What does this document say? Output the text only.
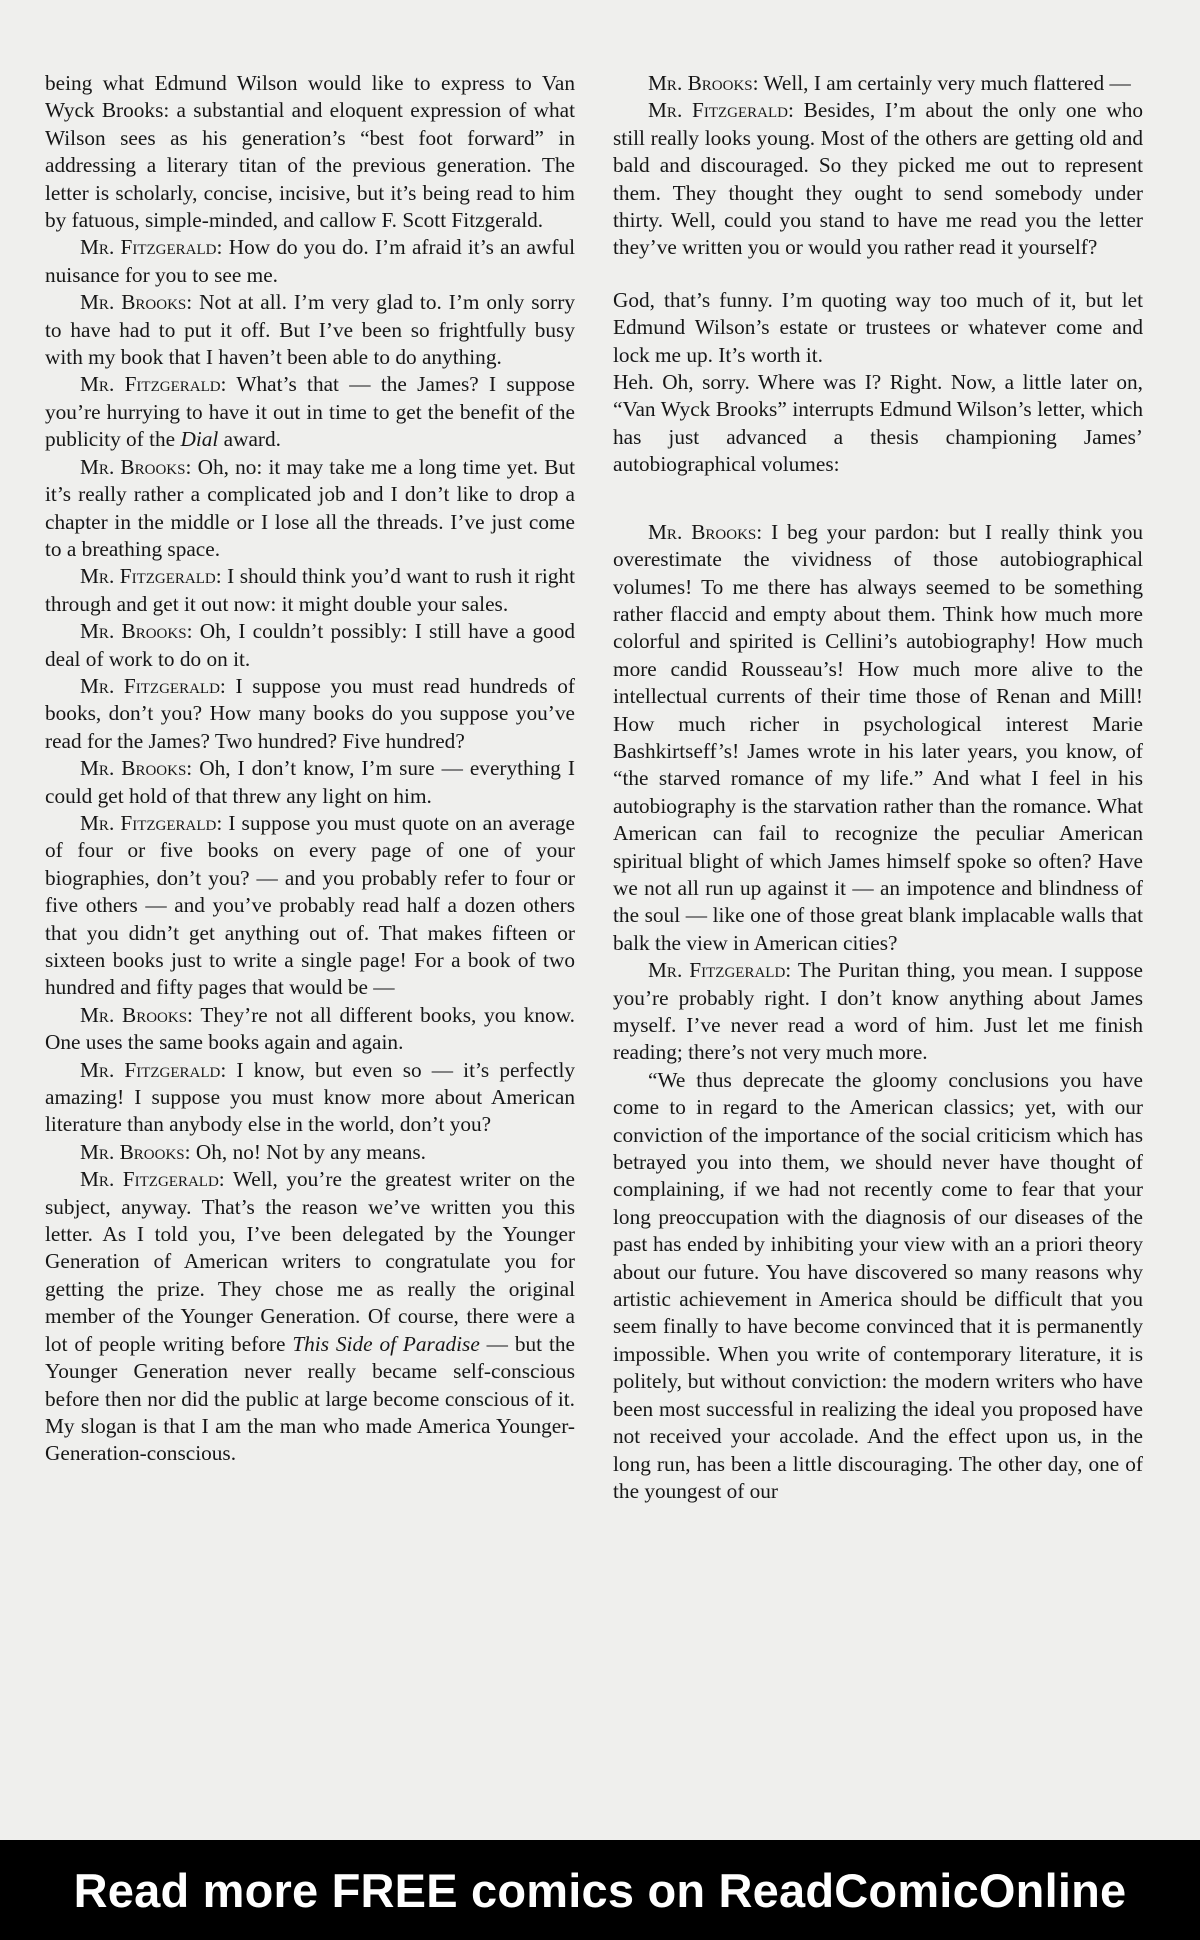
being what Edmund Wilson would like to express to Van Wyck Brooks: a substantial and eloquent expression of what Wilson sees as his generation’s “best foot forward” in addressing a literary titan of the previous generation. The letter is scholarly, concise, incisive, but it’s being read to him by fatuous, simple-minded, and callow F. Scott Fitzgerald.

Mr. Fitzgerald: How do you do. I’m afraid it’s an awful nuisance for you to see me.

Mr. Brooks: Not at all. I’m very glad to. I’m only sorry to have had to put it off. But I’ve been so frightfully busy with my book that I haven’t been able to do anything.

Mr. Fitzgerald: What’s that — the James? I suppose you’re hurrying to have it out in time to get the benefit of the publicity of the Dial award.

Mr. Brooks: Oh, no: it may take me a long time yet. But it’s really rather a complicated job and I don’t like to drop a chapter in the middle or I lose all the threads. I’ve just come to a breathing space.

Mr. Fitzgerald: I should think you’d want to rush it right through and get it out now: it might double your sales.

Mr. Brooks: Oh, I couldn’t possibly: I still have a good deal of work to do on it.

Mr. Fitzgerald: I suppose you must read hundreds of books, don’t you? How many books do you suppose you’ve read for the James? Two hundred? Five hundred?

Mr. Brooks: Oh, I don’t know, I’m sure — everything I could get hold of that threw any light on him.

Mr. Fitzgerald: I suppose you must quote on an average of four or five books on every page of one of your biographies, don’t you? — and you probably refer to four or five others — and you’ve probably read half a dozen others that you didn’t get anything out of. That makes fifteen or sixteen books just to write a single page! For a book of two hundred and fifty pages that would be —

Mr. Brooks: They’re not all different books, you know. One uses the same books again and again.

Mr. Fitzgerald: I know, but even so — it’s perfectly amazing! I suppose you must know more about American literature than anybody else in the world, don’t you?

Mr. Brooks: Oh, no! Not by any means.

Mr. Fitzgerald: Well, you’re the greatest writer on the subject, anyway. That’s the reason we’ve written you this letter. As I told you, I’ve been delegated by the Younger Generation of American writers to congratulate you for getting the prize. They chose me as really the original member of the Younger Generation. Of course, there were a lot of people writing before This Side of Paradise — but the Younger Generation never really became self-conscious before then nor did the public at large become conscious of it. My slogan is that I am the man who made America Younger-Generation-conscious.

Mr. Brooks: Well, I am certainly very much flattered —

Mr. Fitzgerald: Besides, I’m about the only one who still really looks young. Most of the others are getting old and bald and discouraged. So they picked me out to represent them. They thought they ought to send somebody under thirty. Well, could you stand to have me read you the letter they’ve written you or would you rather read it yourself?

God, that’s funny. I’m quoting way too much of it, but let Edmund Wilson’s estate or trustees or whatever come and lock me up. It’s worth it.

Heh. Oh, sorry. Where was I? Right. Now, a little later on, “Van Wyck Brooks” interrupts Edmund Wilson’s letter, which has just advanced a thesis championing James’ autobiographical volumes:

Mr. Brooks: I beg your pardon: but I really think you overestimate the vividness of those autobiographical volumes! To me there has always seemed to be something rather flaccid and empty about them. Think how much more colorful and spirited is Cellini’s autobiography! How much more candid Rousseau’s! How much more alive to the intellectual currents of their time those of Renan and Mill! How much richer in psychological interest Marie Bashkirtseff’s! James wrote in his later years, you know, of “the starved romance of my life.” And what I feel in his autobiography is the starvation rather than the romance. What American can fail to recognize the peculiar American spiritual blight of which James himself spoke so often? Have we not all run up against it — an impotence and blindness of the soul — like one of those great blank implacable walls that balk the view in American cities?

Mr. Fitzgerald: The Puritan thing, you mean. I suppose you’re probably right. I don’t know anything about James myself. I’ve never read a word of him. Just let me finish reading; there’s not very much more.

“We thus deprecate the gloomy conclusions you have come to in regard to the American classics; yet, with our conviction of the importance of the social criticism which has betrayed you into them, we should never have thought of complaining, if we had not recently come to fear that your long preoccupation with the diagnosis of our diseases of the past has ended by inhibiting your view with an a priori theory about our future. You have discovered so many reasons why artistic achievement in America should be difficult that you seem finally to have become convinced that it is permanently impossible. When you write of contemporary literature, it is politely, but without conviction: the modern writers who have been most successful in realizing the ideal you proposed have not received your accolade. And the effect upon us, in the long run, has been a little discouraging. The other day, one of the youngest of our

Read more FREE comics on ReadComicOnline
